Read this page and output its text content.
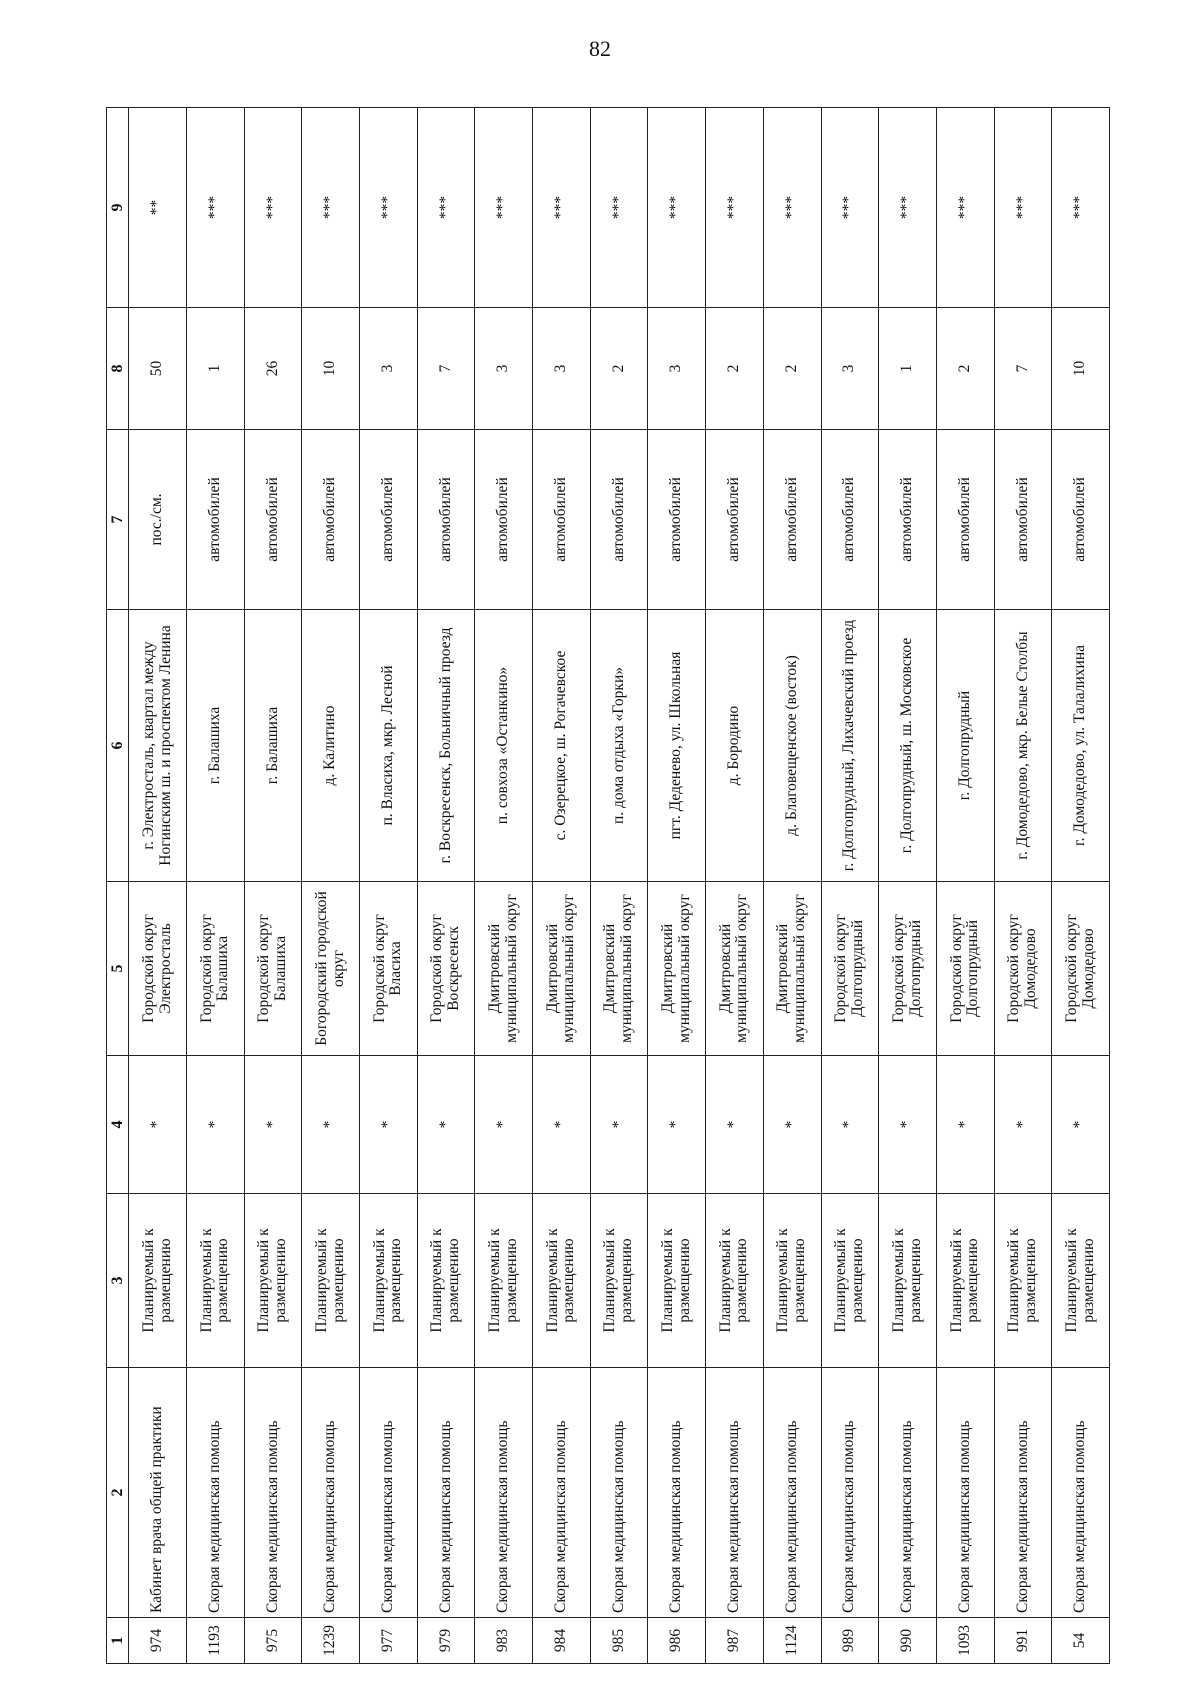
82
1	2	3	4	5	6	7	8	9
974	Кабинет врача общей практики	Планируемый к размещению	*	Городской округ Электросталь	г. Электросталь, квартал между Ногинским ш. и проспектом Ленина	пос./см.	50	**
1193	Скорая медицинская помощь	Планируемый к размещению	*	Городской округ Балашиха	г. Балашиха	автомобилей	1	***
975	Скорая медицинская помощь	Планируемый к размещению	*	Городской округ Балашиха	г. Балашиха	автомобилей	26	***
1239	Скорая медицинская помощь	Планируемый к размещению	*	Богородский городской округ	д. Калитино	автомобилей	10	***
977	Скорая медицинская помощь	Планируемый к размещению	*	Городской округ Власиха	п. Власиха, мкр. Лесной	автомобилей	3	***
979	Скорая медицинская помощь	Планируемый к размещению	*	Городской округ Воскресенск	г. Воскресенск, Больничный проезд	автомобилей	7	***
983	Скорая медицинская помощь	Планируемый к размещению	*	Дмитровский муниципальный округ	п. совхоза «Останкино»	автомобилей	3	***
984	Скорая медицинская помощь	Планируемый к размещению	*	Дмитровский муниципальный округ	с. Озерецкое, ш. Рогачевское	автомобилей	3	***
985	Скорая медицинская помощь	Планируемый к размещению	*	Дмитровский муниципальный округ	п. дома отдыха «Горки»	автомобилей	2	***
986	Скорая медицинская помощь	Планируемый к размещению	*	Дмитровский муниципальный округ	пгт. Деденево, ул. Школьная	автомобилей	3	***
987	Скорая медицинская помощь	Планируемый к размещению	*	Дмитровский муниципальный округ	д. Бородино	автомобилей	2	***
1124	Скорая медицинская помощь	Планируемый к размещению	*	Дмитровский муниципальный округ	д. Благовещенское (восток)	автомобилей	2	***
989	Скорая медицинская помощь	Планируемый к размещению	*	Городской округ Долгопрудный	г. Долгопрудный, Лихачевский проезд	автомобилей	3	***
990	Скорая медицинская помощь	Планируемый к размещению	*	Городской округ Долгопрудный	г. Долгопрудный, ш. Московское	автомобилей	1	***
1093	Скорая медицинская помощь	Планируемый к размещению	*	Городской округ Долгопрудный	г. Долгопрудный	автомобилей	2	***
991	Скорая медицинская помощь	Планируемый к размещению	*	Городской округ Домодедово	г. Домодедово, мкр. Белые Столбы	автомобилей	7	***
54	Скорая медицинская помощь	Планируемый к размещению	*	Городской округ Домодедово	г. Домодедово, ул. Талалихина	автомобилей	10	***
